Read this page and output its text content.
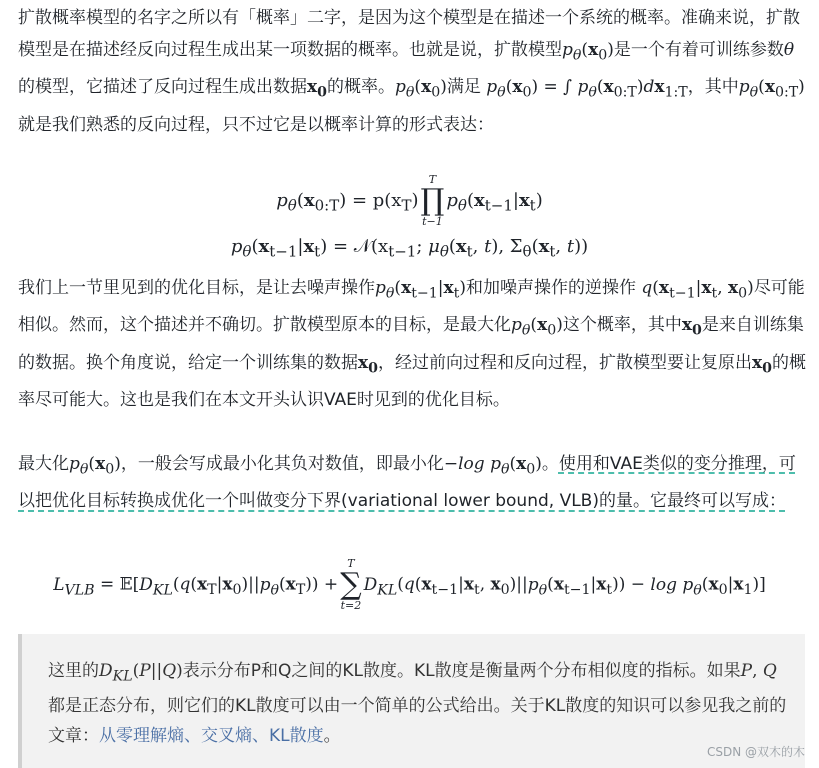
扩散概率模型的名字之所以有「概率」二字，是因为这个模型是在描述一个系统的概率。准确来说，扩散模型是在描述经反向过程生成出某一项数据的概率。也就是说，扩散模型$p_\theta(x_0)$是一个有着可训练参数θ的模型，它描述了反向过程生成出数据$x_0$的概率。$p_\theta(x_0)$满足 $p_\theta(x_0)$ = ∫ $p_\theta(x_{0:T})dx_{1:T}$，其中$p_\theta(x_{0:T})$就是我们熟悉的反向过程，只不过它是以概率计算的形式表达：

$p_\theta(x_{0:T}) = p(x_T)$
T
∏
t−1
$p_\theta(x_{t-1}|x_t)$
$p_\theta(x_{t-1}|x_t)$ = $𝒩(x_{t-1}$; $\mu_\theta(x_t$, t), $\Sigma_\theta(x_t$, t))

我们上一节里见到的优化目标，是让去噪声操作$p_\theta(x_{t-1}|x_t)$和加噪声操作的逆操作 $q(x_{t-1}|x_t$, $x_0$)尽可能相似。然而，这个描述并不确切。扩散模型原本的目标，是最大化$p_\theta(x_0)$这个概率，其中$x_0$是来自训练集的数据。换个角度说，给定一个训练集的数据$x_0$，经过前向过程和反向过程，扩散模型要让复原出$x_0$的概率尽可能大。这也是我们在本文开头认识VAE时见到的优化目标。

最大化$p_\theta(x_0)$，一般会写成最小化其负对数值，即最小化−log $p_\theta(x_0)$。使用和VAE类似的变分推理，可以把优化目标转换成优化一个叫做变分下界(variational lower bound, VLB)的量。它最终可以写成：

$L_{VLB}$ = $𝔼[D_{KL}(q(x_T|x_0)||p_\theta(x_T))$ +
T
∑
t=2
$D_{KL}(q(x_{t-1}|x_t$, $x_0)||p_\theta(x_{t-1}|x_t)) - \log p_\theta(x_0|x_1)$]

这里的$D_{KL}(P||Q)$表示分布P和Q之间的KL散度。KL散度是衡量两个分布相似度的指标。如果P, Q都是正态分布，则它们的KL散度可以由一个简单的公式给出。关于KL散度的知识可以参见我之前的文章：从零理解熵、交叉熵、KL散度。

CSDN @双木的木
